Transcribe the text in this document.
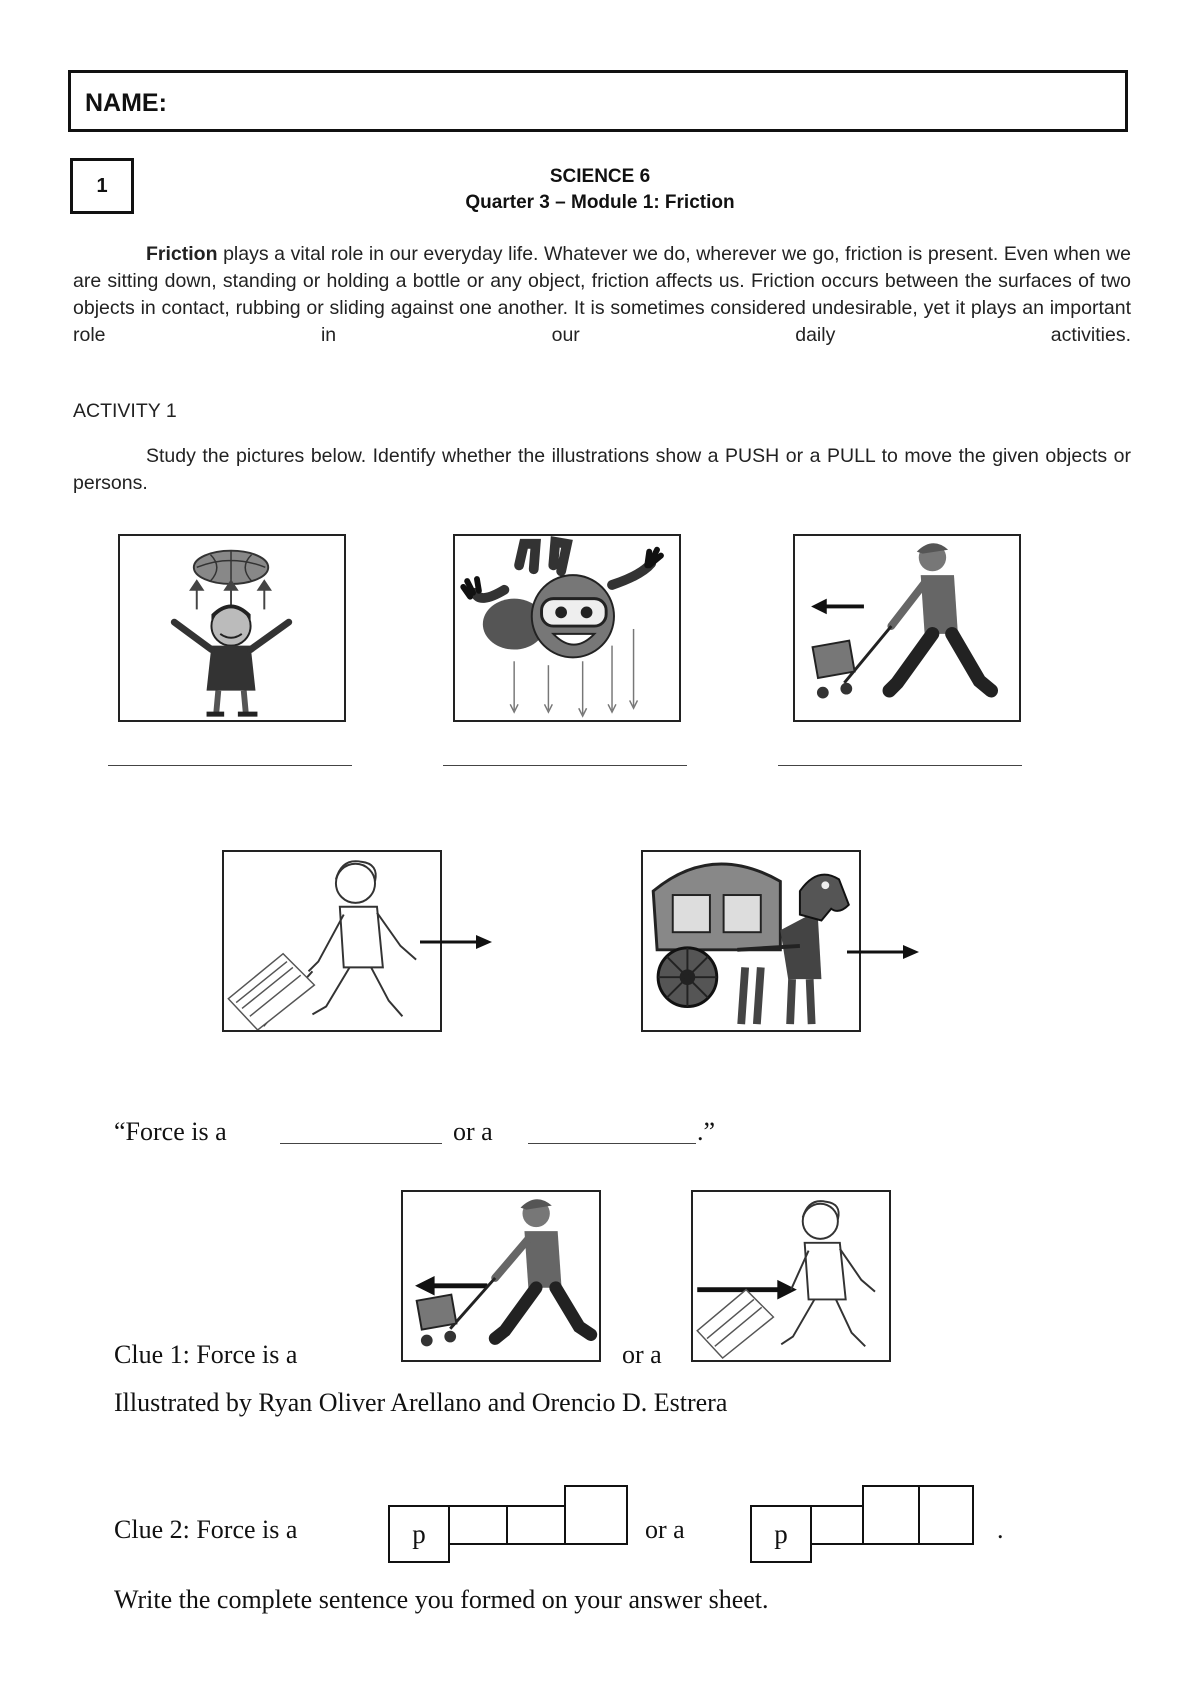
NAME:
1	SCIENCE 6
Quarter 3 – Module 1: Friction
Friction plays a vital role in our everyday life. Whatever we do, wherever we go, friction is present. Even when we are sitting down, standing or holding a bottle or any object, friction affects us. Friction occurs between the surfaces of two objects in contact, rubbing or sliding against one another. It is sometimes considered undesirable, yet it plays an important role in our daily activities.
ACTIVITY 1
Study the pictures below. Identify whether the illustrations show a PUSH or a PULL to move the given objects or persons.
“Force is a	or a	.”
Clue 1: Force is a	or a
Illustrated by Ryan Oliver Arellano and Orencio D. Estrera
Clue 2: Force is a	p	or a	p	.
Write the complete sentence you formed on your answer sheet.
